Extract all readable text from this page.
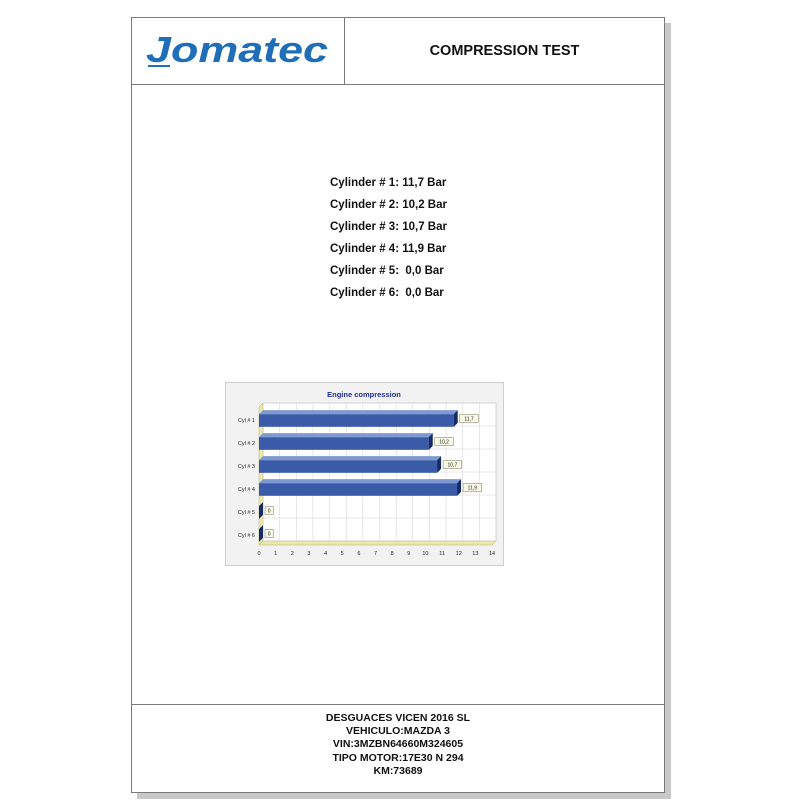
Jomatec	COMPRESSION TEST
Cylinder # 1: 11,7 Bar
Cylinder # 2: 10,2 Bar
Cylinder # 3: 10,7 Bar
Cylinder # 4: 11,9 Bar
Cylinder # 5:  0,0 Bar
Cylinder # 6:  0,0 Bar
Engine compression
0 1 2 3 4 5 6 7 8 9 10 11 12 13 14
Cyl # 1	11,7
Cyl # 2	10,2
Cyl # 3	10,7
Cyl # 4	11,9
Cyl # 5	0
Cyl # 6	0
DESGUACES VICEN 2016 SL
VEHICULO:MAZDA 3
VIN:3MZBN64660M324605
TIPO MOTOR:17E30 N 294
KM:73689
